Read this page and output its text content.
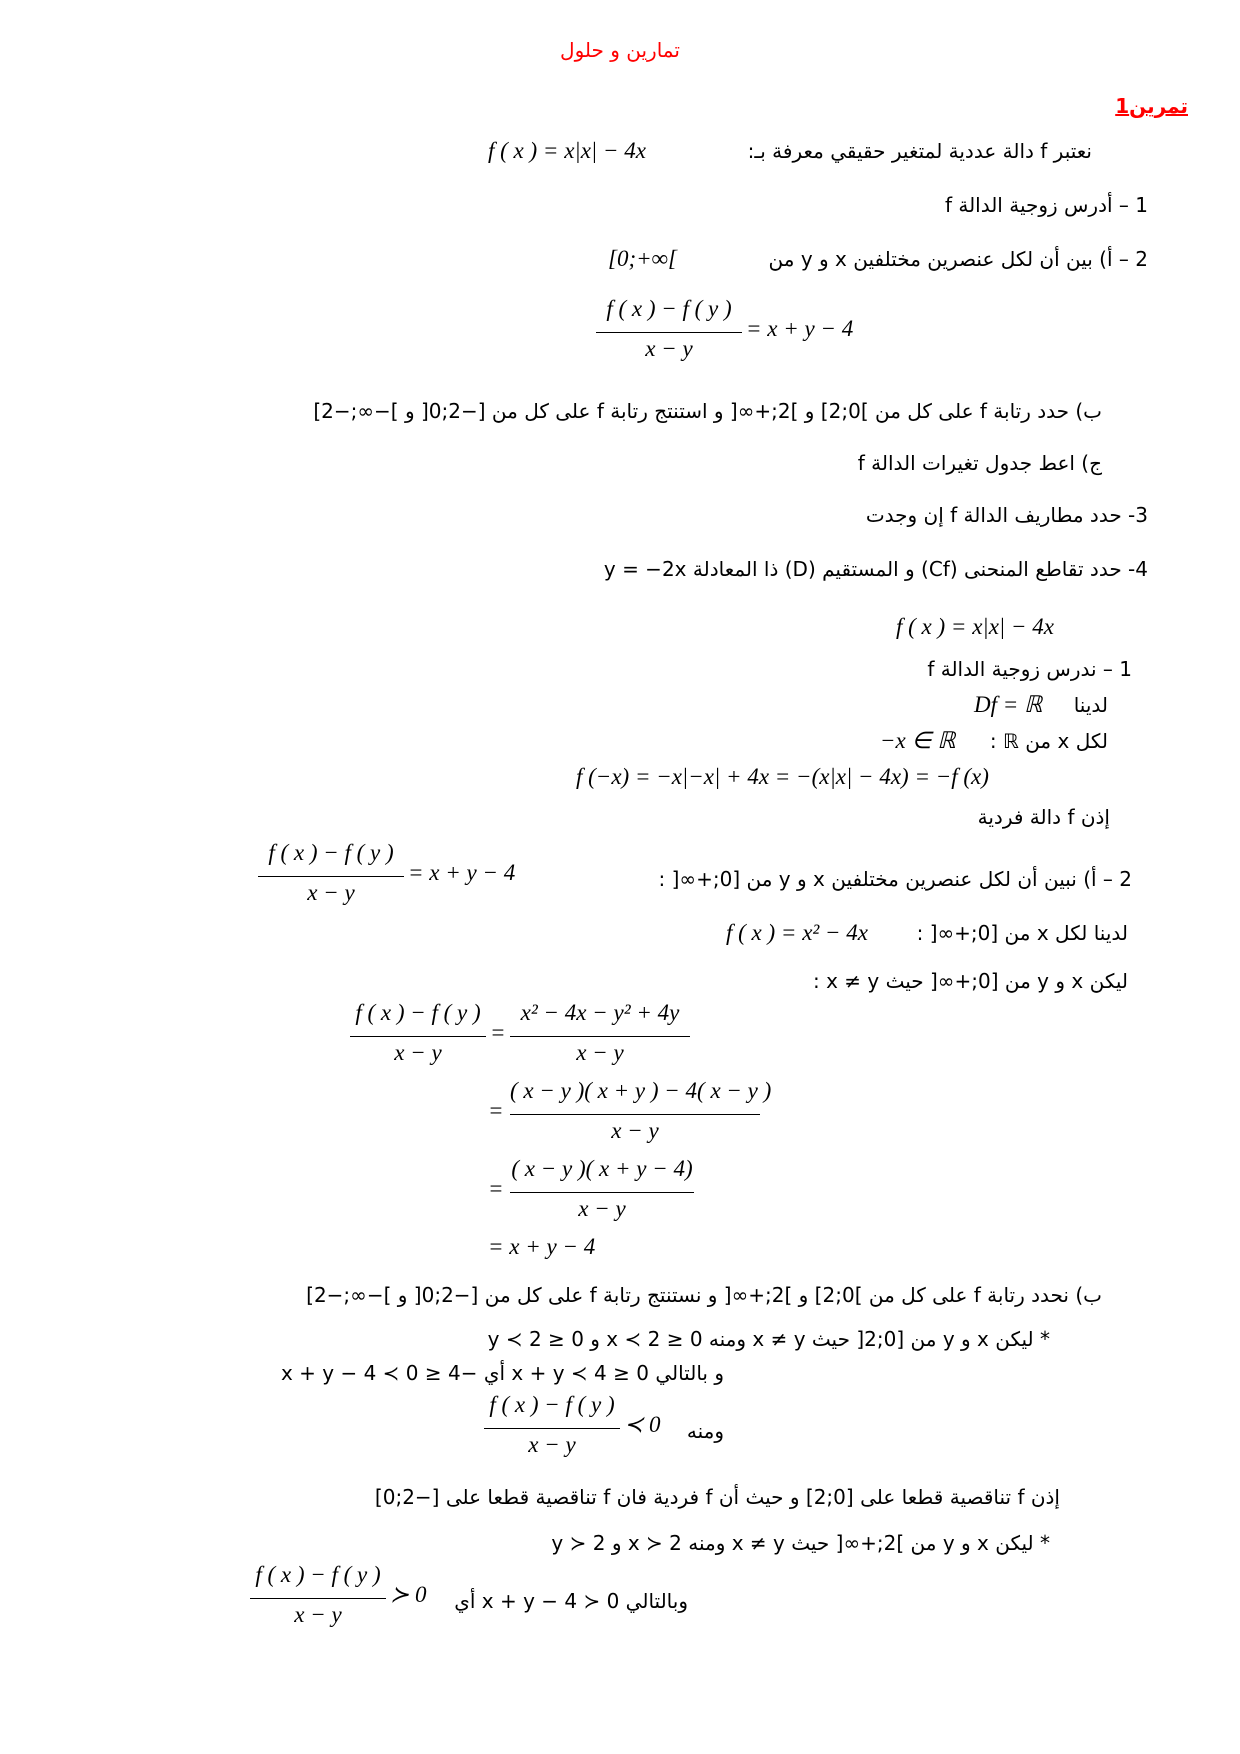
تمارين و حلول
تمرين1
نعتبر f دالة عددية لمتغير حقيقي معرفة بـ:
f ( x ) = x|x| − 4x
1 – أدرس زوجية الدالة f
2 – أ) بين أن لكل عنصرين مختلفين x و y من
[0;+∞[
f ( x ) − f ( y )
x − y
= x + y − 4
ب) حدد رتابة f على كل من ]0;2] و ]2;+∞[ و استنتج رتابة f على كل من [−2;0[ و ]−∞;−2]
ج) اعط جدول تغيرات الدالة f
3- حدد مطاريف الدالة f إن وجدت
4- حدد تقاطع المنحنى (Cf) و المستقيم (D) ذا المعادلة y = −2x
f ( x ) = x|x| − 4x
1 – ندرس زوجية الدالة f
لدينا
Df = ℝ
لكل x من ℝ :
−x ∈ ℝ
f (−x) = −x|−x| + 4x = −(x|x| − 4x) = −f (x)
إذن f دالة فردية
2 – أ) نبين أن لكل عنصرين مختلفين x و y من [0;+∞[ :
f ( x ) − f ( y )
x − y
= x + y − 4
لدينا لكل x من [0;+∞[ :
f ( x ) = x² − 4x
ليكن x و y من [0;+∞[ حيث x ≠ y :
f ( x ) − f ( y )
x − y
=
x² − 4x − y² + 4y
x − y
=
( x − y )( x + y ) − 4( x − y )
x − y
=
( x − y )( x + y − 4)
x − y
= x + y − 4
ب) نحدد رتابة f على كل من ]0;2] و ]2;+∞[ و نستنتج رتابة f على كل من [−2;0[ و ]−∞;−2]
* ليكن x و y من [0;2[ حيث x ≠ y ومنه 0 ≤ x ≺ 2 و 0 ≤ y ≺ 2
و بالتالي 0 ≤ x + y ≺ 4 أي −4 ≤ x + y − 4 ≺ 0
ومنه
f ( x ) − f ( y )
x − y
≺ 0
إذن f تناقصية قطعا على [0;2] و حيث أن f فردية فان f تناقصية قطعا على [−2;0]
* ليكن x و y من ]2;+∞[ حيث x ≠ y ومنه x ≻ 2 و y ≻ 2
وبالتالي x + y − 4 ≻ 0 أي
f ( x ) − f ( y )
x − y
≻ 0
